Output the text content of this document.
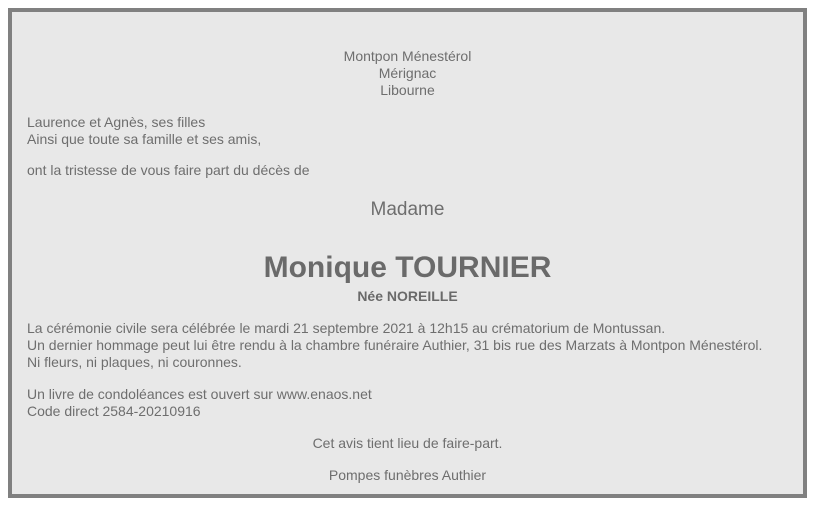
Montpon Ménestérol
Mérignac
Libourne
Laurence et Agnès, ses filles
Ainsi que toute sa famille et ses amis,
ont la tristesse de vous faire part du décès de
Madame
Monique TOURNIER
Née NOREILLE
La cérémonie civile sera célébrée le mardi 21 septembre 2021 à 12h15 au crématorium de Montussan.
Un dernier hommage peut lui être rendu à la chambre funéraire Authier, 31 bis rue des Marzats à Montpon Ménestérol.
Ni fleurs, ni plaques, ni couronnes.
Un livre de condoléances est ouvert sur www.enaos.net
Code direct 2584-20210916
Cet avis tient lieu de faire-part.
Pompes funèbres Authier
